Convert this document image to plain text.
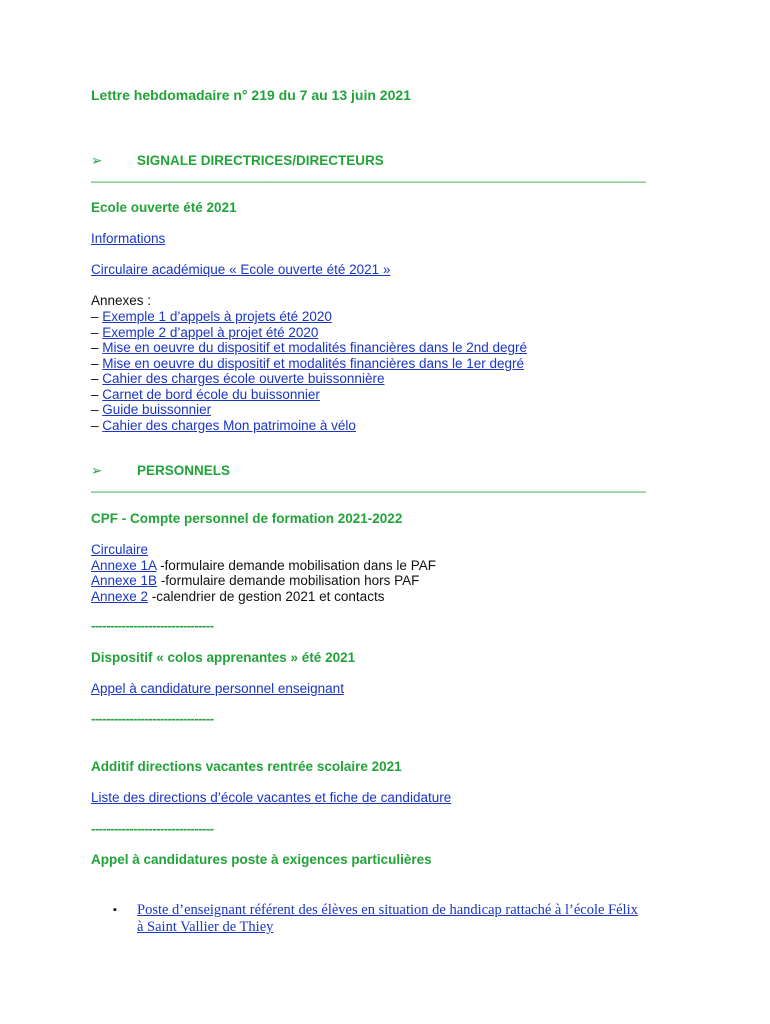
Lettre hebdomadaire n° 219 du 7 au 13 juin 2021
➢	SIGNALE DIRECTRICES/DIRECTEURS
________________________________________________________________________________
Ecole ouverte été 2021
Informations
Circulaire académique « Ecole ouverte été 2021 »
Annexes :
– Exemple 1 d’appels à projets été 2020
– Exemple 2 d’appel à projet été 2020
– Mise en oeuvre du dispositif et modalités financières dans le 2nd degré
– Mise en oeuvre du dispositif et modalités financières dans le 1er degré
– Cahier des charges école ouverte buissonnière
– Carnet de bord école du buissonnier
– Guide buissonnier
– Cahier des charges Mon patrimoine à vélo
➢	PERSONNELS
________________________________________________________________________________
CPF - Compte personnel de formation 2021-2022
Circulaire
Annexe 1A -formulaire demande mobilisation dans le PAF
Annexe 1B -formulaire demande mobilisation hors PAF
Annexe 2 -calendrier de gestion 2021 et contacts
--------------------------------
Dispositif « colos apprenantes » été 2021
Appel à candidature personnel enseignant
--------------------------------
Additif directions vacantes rentrée scolaire 2021
Liste des directions d’école vacantes et fiche de candidature
--------------------------------
Appel à candidatures poste à exigences particulières
▪ Poste d’enseignant référent des élèves en situation de handicap rattaché à l’école Félix
à Saint Vallier de Thiey
